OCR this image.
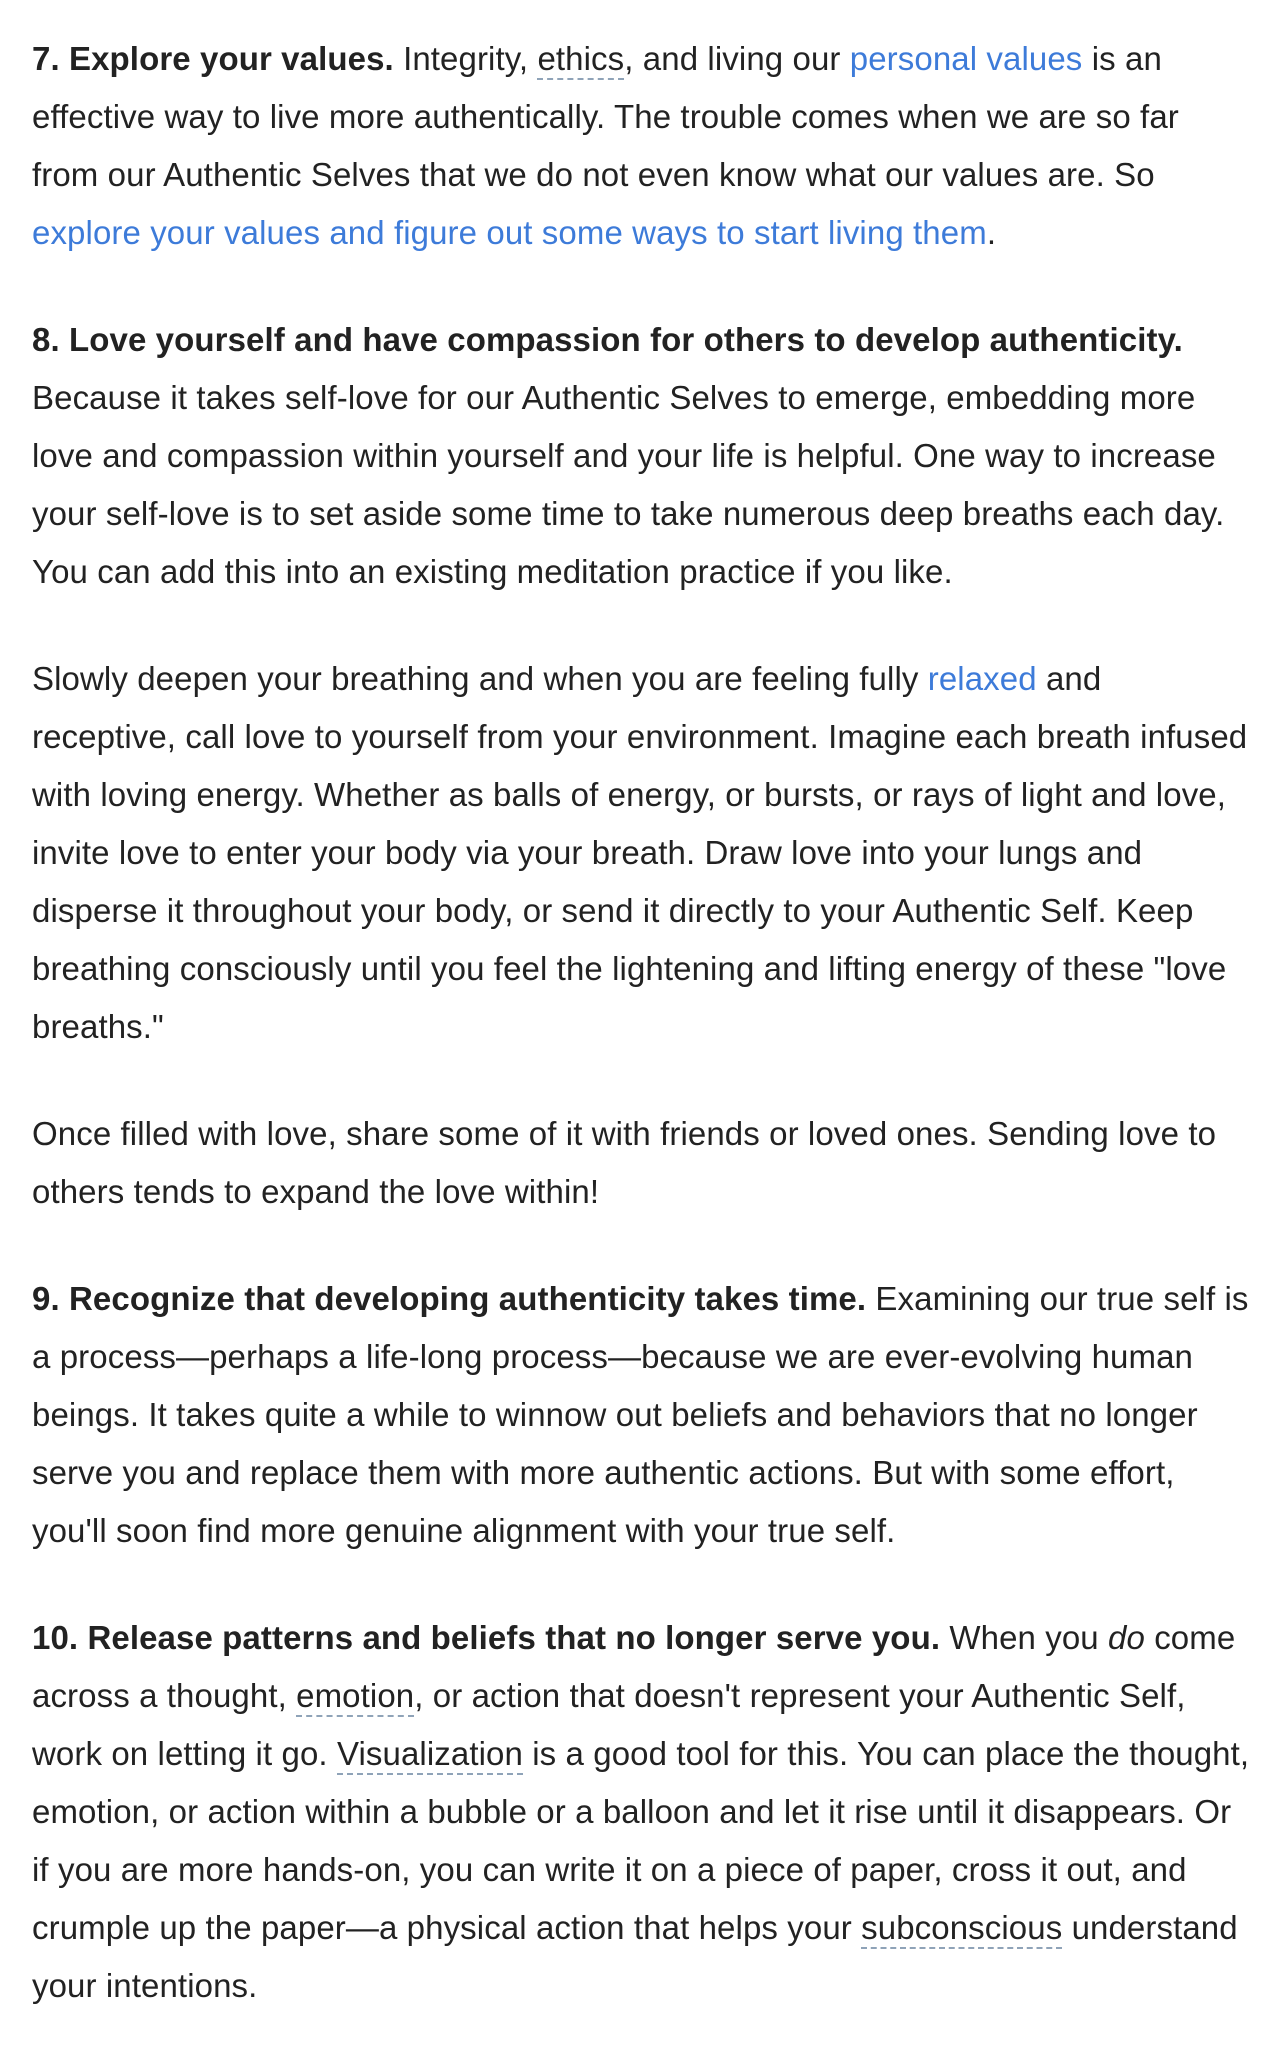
7. Explore your values. Integrity, ethics, and living our personal values is an effective way to live more authentically. The trouble comes when we are so far from our Authentic Selves that we do not even know what our values are. So explore your values and figure out some ways to start living them.

8. Love yourself and have compassion for others to develop authenticity. Because it takes self-love for our Authentic Selves to emerge, embedding more love and compassion within yourself and your life is helpful. One way to increase your self-love is to set aside some time to take numerous deep breaths each day. You can add this into an existing meditation practice if you like.

Slowly deepen your breathing and when you are feeling fully relaxed and receptive, call love to yourself from your environment. Imagine each breath infused with loving energy. Whether as balls of energy, or bursts, or rays of light and love, invite love to enter your body via your breath. Draw love into your lungs and disperse it throughout your body, or send it directly to your Authentic Self. Keep breathing consciously until you feel the lightening and lifting energy of these "love breaths."

Once filled with love, share some of it with friends or loved ones. Sending love to others tends to expand the love within!

9. Recognize that developing authenticity takes time. Examining our true self is a process—perhaps a life-long process—because we are ever-evolving human beings. It takes quite a while to winnow out beliefs and behaviors that no longer serve you and replace them with more authentic actions. But with some effort, you'll soon find more genuine alignment with your true self.

10. Release patterns and beliefs that no longer serve you. When you do come across a thought, emotion, or action that doesn't represent your Authentic Self, work on letting it go. Visualization is a good tool for this. You can place the thought, emotion, or action within a bubble or a balloon and let it rise until it disappears. Or if you are more hands-on, you can write it on a piece of paper, cross it out, and crumple up the paper—a physical action that helps your subconscious understand your intentions.
